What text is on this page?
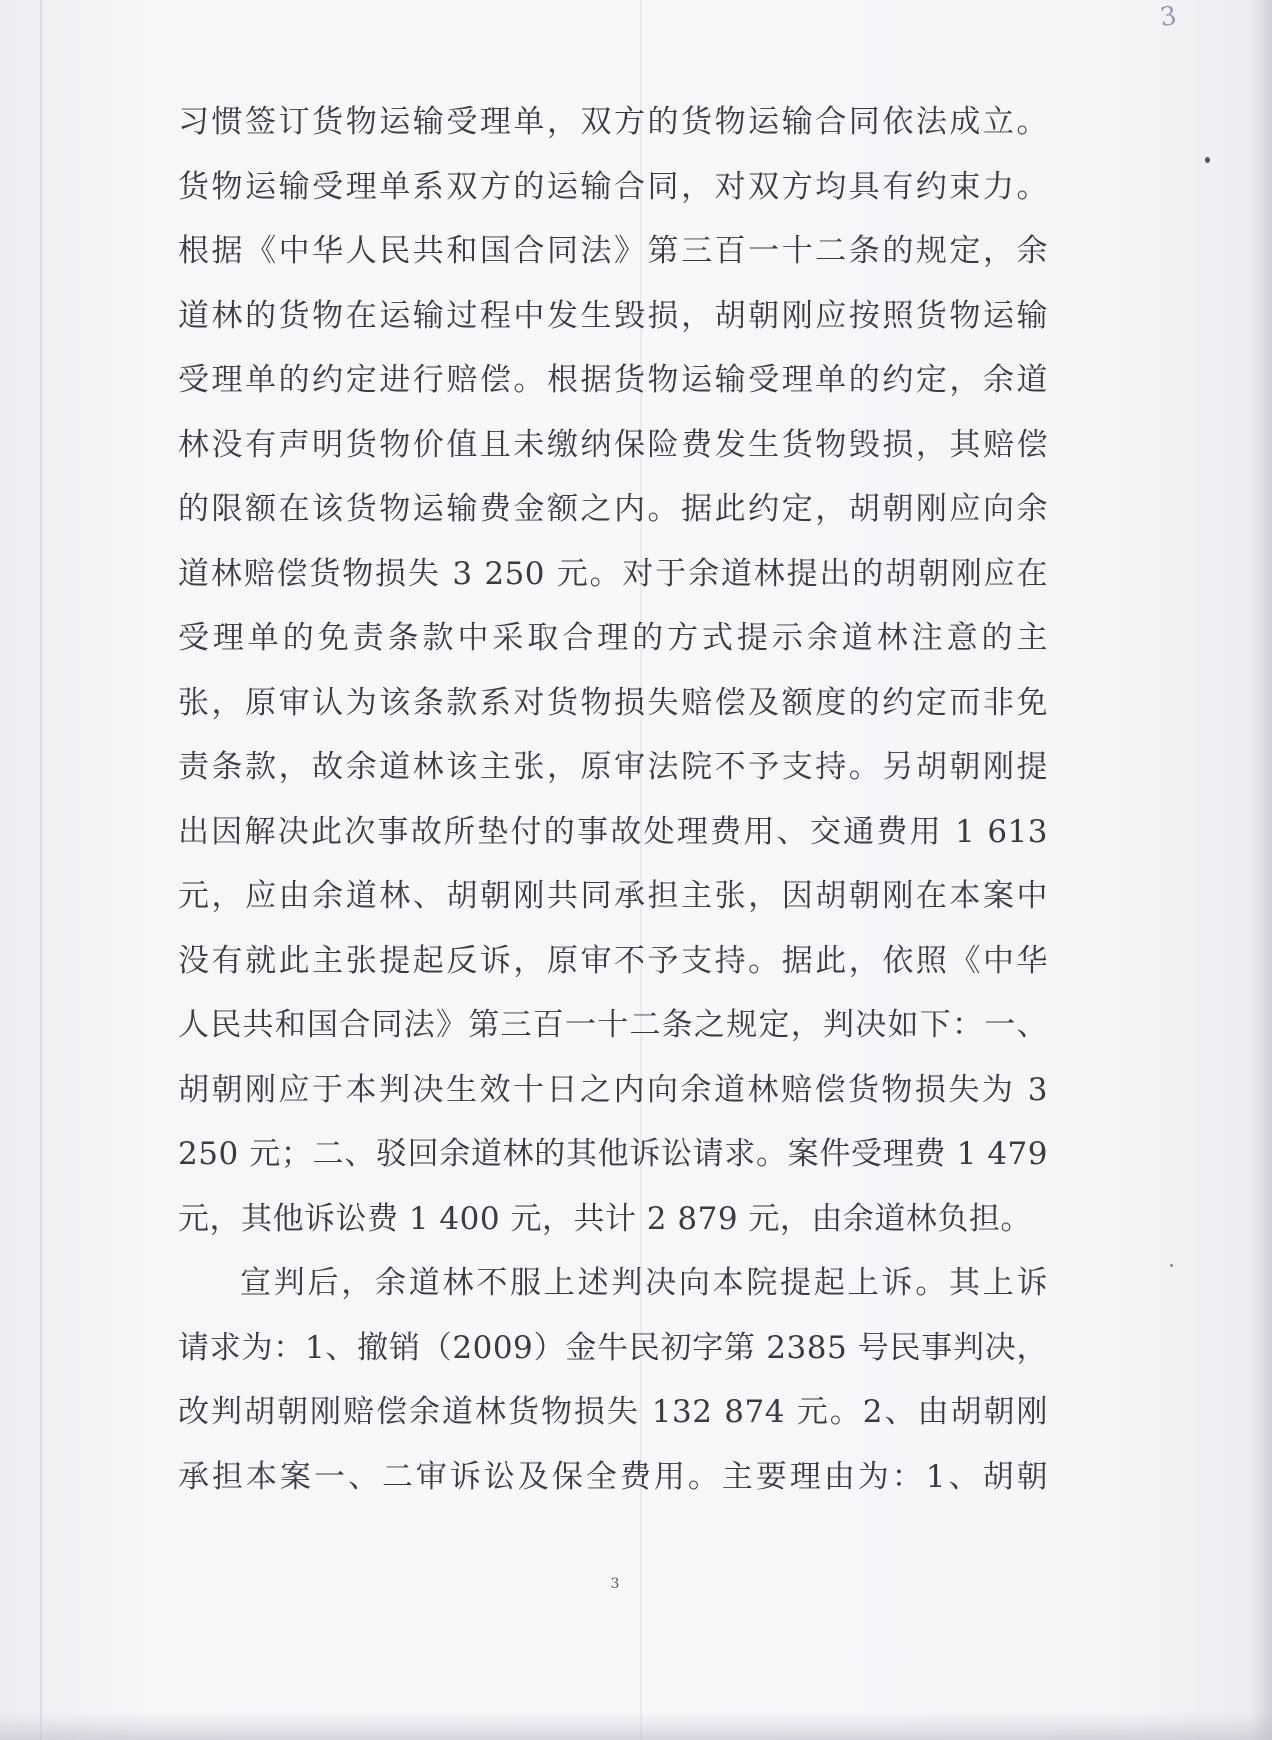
3
习惯签订货物运输受理单，双方的货物运输合同依法成立。
货物运输受理单系双方的运输合同，对双方均具有约束力。
根据《中华人民共和国合同法》第三百一十二条的规定，余
道林的货物在运输过程中发生毁损，胡朝刚应按照货物运输
受理单的约定进行赔偿。根据货物运输受理单的约定，余道
林没有声明货物价值且未缴纳保险费发生货物毁损，其赔偿
的限额在该货物运输费金额之内。据此约定，胡朝刚应向余
道林赔偿货物损失 3 250 元。对于余道林提出的胡朝刚应在
受理单的免责条款中采取合理的方式提示余道林注意的主
张，原审认为该条款系对货物损失赔偿及额度的约定而非免
责条款，故余道林该主张，原审法院不予支持。另胡朝刚提
出因解决此次事故所垫付的事故处理费用、交通费用 1 613
元，应由余道林、胡朝刚共同承担主张，因胡朝刚在本案中
没有就此主张提起反诉，原审不予支持。据此，依照《中华
人民共和国合同法》第三百一十二条之规定，判决如下：一、
胡朝刚应于本判决生效十日之内向余道林赔偿货物损失为 3
250 元；二、驳回余道林的其他诉讼请求。案件受理费 1 479
元，其他诉讼费 1 400 元，共计 2 879 元，由余道林负担。
宣判后，余道林不服上述判决向本院提起上诉。其上诉
请求为：1、撤销（2009）金牛民初字第 2385 号民事判决，
改判胡朝刚赔偿余道林货物损失 132 874 元。2、由胡朝刚
承担本案一、二审诉讼及保全费用。主要理由为：1、胡朝
3
